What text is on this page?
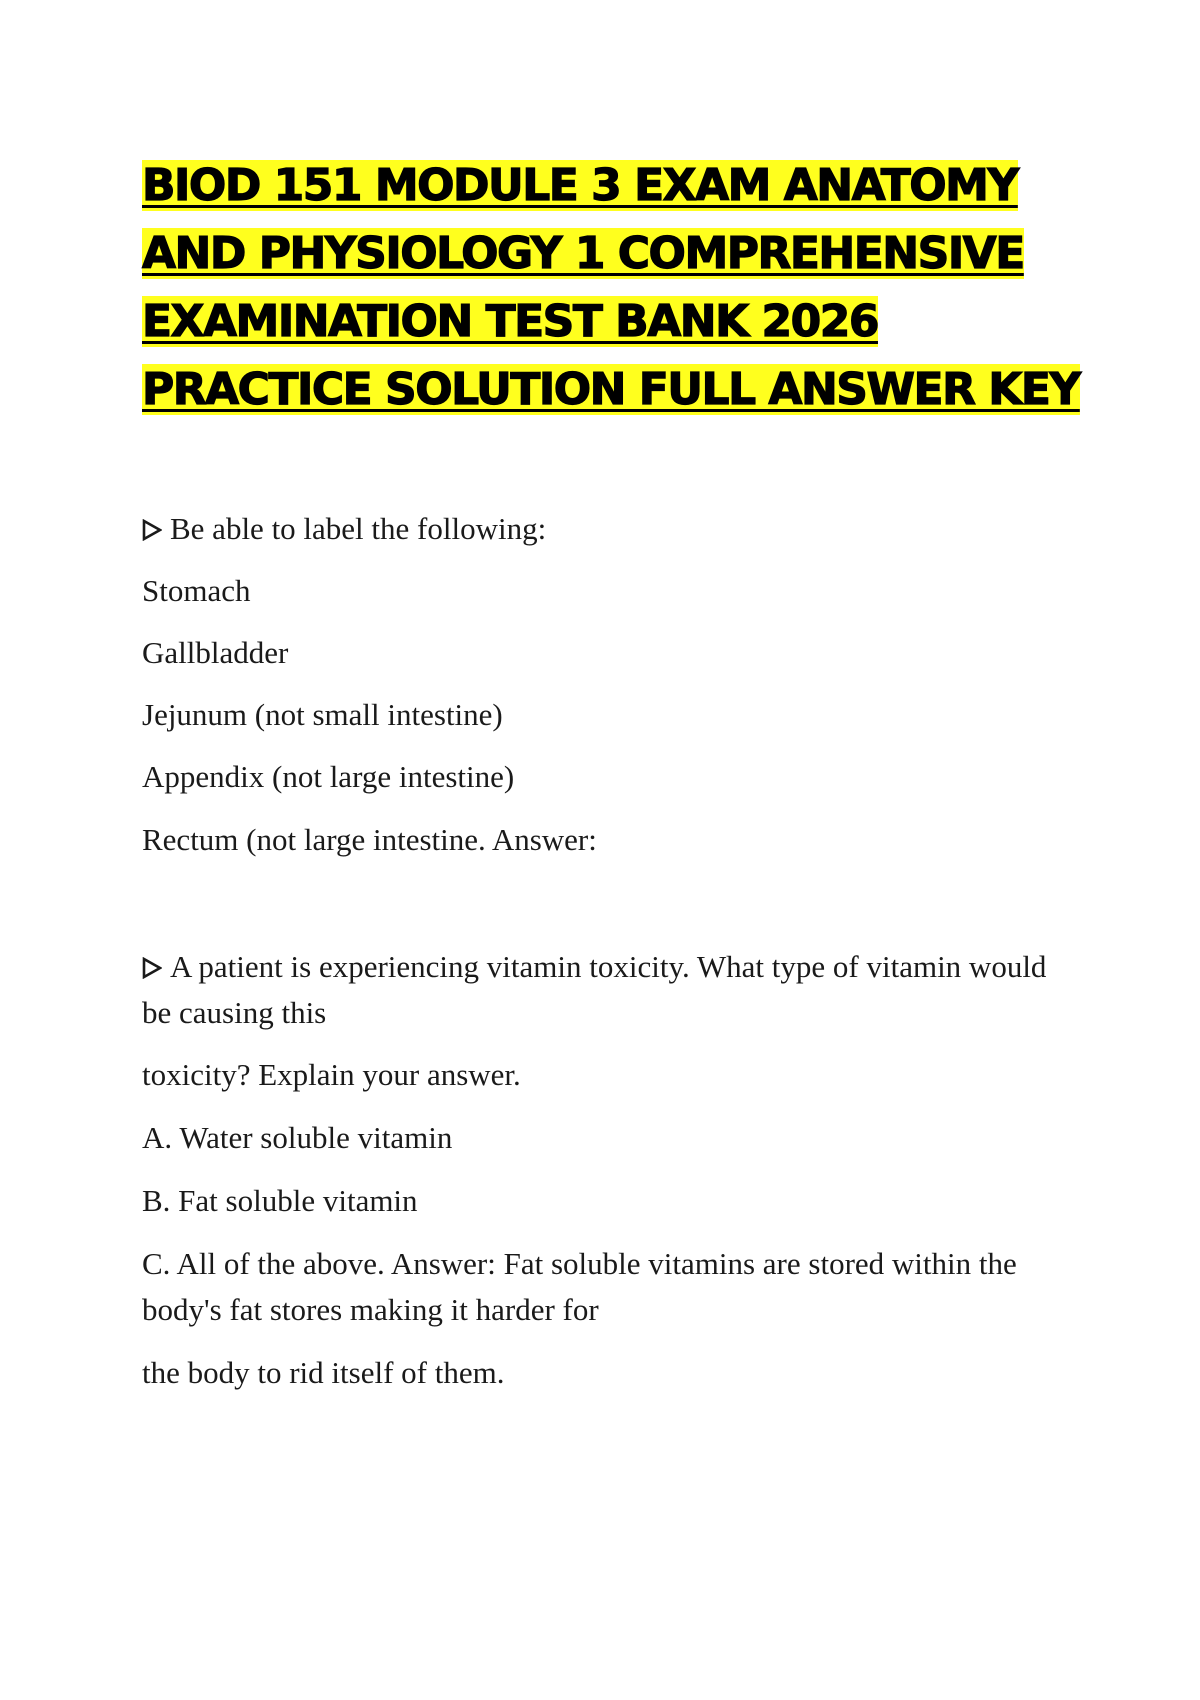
BIOD 151 MODULE 3 EXAM ANATOMY AND PHYSIOLOGY 1 COMPREHENSIVE EXAMINATION TEST BANK 2026 PRACTICE SOLUTION FULL ANSWER KEY

Be able to label the following:

Stomach

Gallbladder

Jejunum (not small intestine)

Appendix (not large intestine)

Rectum (not large intestine. Answer:

A patient is experiencing vitamin toxicity. What type of vitamin would be causing this

toxicity? Explain your answer.

A. Water soluble vitamin

B. Fat soluble vitamin

C. All of the above. Answer: Fat soluble vitamins are stored within the body's fat stores making it harder for

the body to rid itself of them.
